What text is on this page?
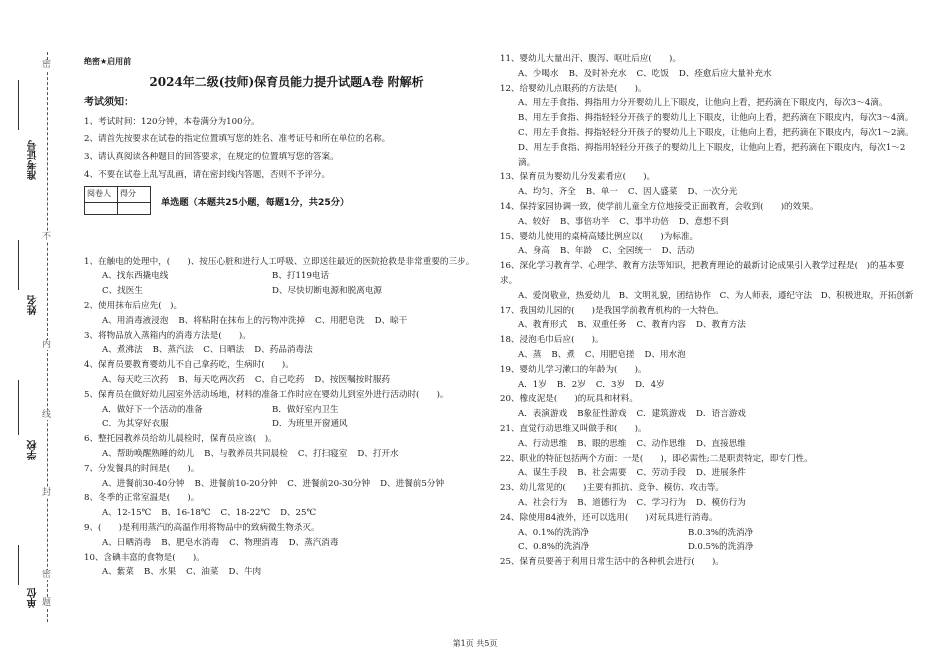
准考证号
姓名
学校
单位
密
不
内
线
封
密
题
绝密★启用前
2024年二级(技师)保育员能力提升试题A卷 附解析
考试须知：
1、考试时间：120分钟，本卷满分为100分。
2、请首先按要求在试卷的指定位置填写您的姓名、准考证号和所在单位的名称。
3、请认真阅读各种题目的回答要求，在规定的位置填写您的答案。
4、不要在试卷上乱写乱画，请在密封线内答题，否则不予评分。
阅卷人	得分

单选题（本题共25小题，每题1分，共25分）
1、在触电的处理中，(　　)、按压心脏和进行人工呼吸、立即送往最近的医院抢救是非常重要的三步。
A、找东西撬电线	B、打119电话
C、找医生	D、尽快切断电源和脱离电源
2、使用抹布后应先(　)。
A、用消毒液浸泡 B、将粘附在抹布上的污物冲洗掉 C、用肥皂洗 D、晾干
3、将物品放入蒸箱内的消毒方法是(　　)。
A、煮沸法 B、蒸汽法 C、日晒法 D、药品消毒法
4、保育员要教育婴幼儿不自己拿药吃，生病时(　　)。
A、每天吃三次药 B、每天吃两次药 C、自己吃药 D、按医嘱按时服药
5、保育员在做好幼儿园室外活动场地，材料的准备工作时应在婴幼儿到室外进行活动时(　　)。
A．做好下一个活动的准备	B．做好室内卫生
C．为其穿好衣服	D．为班里开窗通风
6、整托园教养员给幼儿晨检时，保育员应该(　)。
A、帮助唤醒熟睡的幼儿 B、与教养员共同晨检 C、打扫寝室 D、打开水
7、分发餐具的时间是(　　)。
A、进餐前30-40分钟 B、进餐前10-20分钟 C、进餐前20-30分钟 D、进餐前5分钟
8、冬季的正常室温是(　　)。
A、12-15℃ B、16-18℃ C、18-22℃ D、25℃
9、(　　)是利用蒸汽的高温作用将物品中的致病微生物杀灭。
A、日晒消毒 B、肥皂水消毒 C、物理消毒 D、蒸汽消毒
10、含碘丰富的食物是(　　)。
A、紫菜 B、水果 C、油菜 D、牛肉
11、婴幼儿大量出汗、腹泻、呕吐后应(　　)。
A、少喝水 B、及时补充水 C、吃饭 D、痊愈后应大量补充水
12、给婴幼儿点眼药的方法是(　　)。
A、用左手食指、拇指用力分开婴幼儿上下眼皮，让他向上看，把药滴在下眼皮内，每次3～4滴。
B、用左手食指、拇指轻轻分开孩子的婴幼儿上下眼皮，让他向上看，把药滴在下眼皮内，每次3～4滴。
C、用左手食指、拇指轻轻分开孩子的婴幼儿上下眼皮，让他向上看，把药滴在下眼皮内，每次1～2滴。
D、用左手食指、拇指用轻轻分开孩子的婴幼儿上下眼皮，让他向上看，把药滴在下眼皮内，每次1～2滴。
13、保育员为婴幼儿分发素肴应(　　)。
A、均匀、齐全 B、单一 C、因人盛菜 D、一次分光
14、保持家园协调一致，使学前儿童全方位地接受正面教育，会收到(　　)的效果。
A、较好 B、事倍功半 C、事半功倍 D、意想不到
15、婴幼儿使用的桌椅高矮比例应以(　　)为标准。
A、身高 B、年龄 C、全园统一 D、活动
16、深化学习教育学、心理学、教育方法等知识，把教育理论的最新讨论成果引入教学过程是(　)的基本要求。
A、爱岗敬业，热爱幼儿　B、文明礼貌，团结协作　C、为人师表，遵纪守法　D、积极进取，开拓创新
17、我国幼儿园的(　　)是我国学前教育机构的一大特色。
A、教育形式 B、双重任务 C、教育内容 D、教育方法
18、浸泡毛巾后应(　　)。
A、蒸 B、煮 C、用肥皂搓 D、用水泡
19、婴幼儿学习漱口的年龄为(　　)。
A．1岁 B．2岁 C．3岁 D．4岁
20、橡皮泥是(　　)的玩具和材料。
A．表演游戏 B象征性游戏 C．建筑游戏 D．语言游戏
21、直觉行动思维又叫做手和(　　)。
A、行动思维 B、眼的思维 C、动作思维 D、直接思维
22、职业的特征包括两个方面：一是(　　)，即必需性;二是职责特定，即专门性。
A、谋生手段 B、社会需要 C、劳动手段 D、进展条件
23、幼儿常见的(　　)主要有抓抗、竞争、模仿、攻击等。
A、社会行为 B、道德行为 C、学习行为 D、模仿行为
24、除使用84液外，还可以选用(　　)对玩具进行消毒。
A、0.1%的洗消净	B.0.3%的洗消净
C、0.8%的洗消净	D.0.5%的洗消净
25、保育员要善于利用日常生活中的各种机会进行(　　)。
第1页 共5页
